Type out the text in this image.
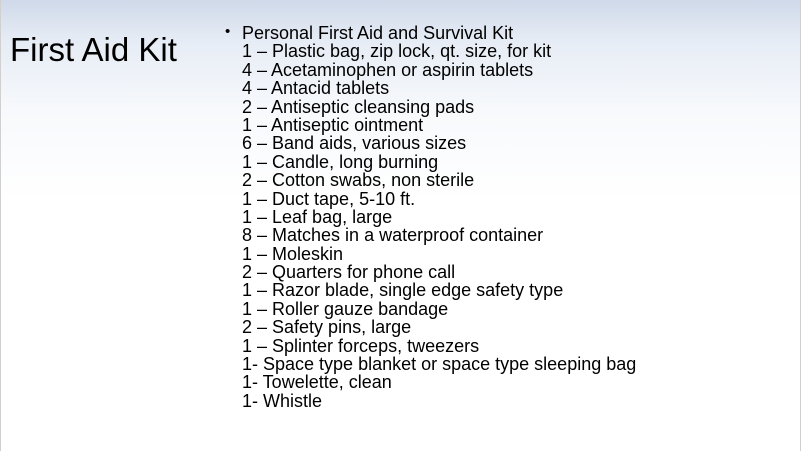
First Aid Kit	• Personal First Aid and Survival Kit
1 – Plastic bag, zip lock, qt. size, for kit
4 – Acetaminophen or aspirin tablets
4 – Antacid tablets
2 – Antiseptic cleansing pads
1 – Antiseptic ointment
6 – Band aids, various sizes
1 – Candle, long burning
2 – Cotton swabs, non sterile
1 – Duct tape, 5-10 ft.
1 – Leaf bag, large
8 – Matches in a waterproof container
1 – Moleskin
2 – Quarters for phone call
1 – Razor blade, single edge safety type
1 – Roller gauze bandage
2 – Safety pins, large
1 – Splinter forceps, tweezers
1- Space type blanket or space type sleeping bag
1- Towelette, clean
1- Whistle
